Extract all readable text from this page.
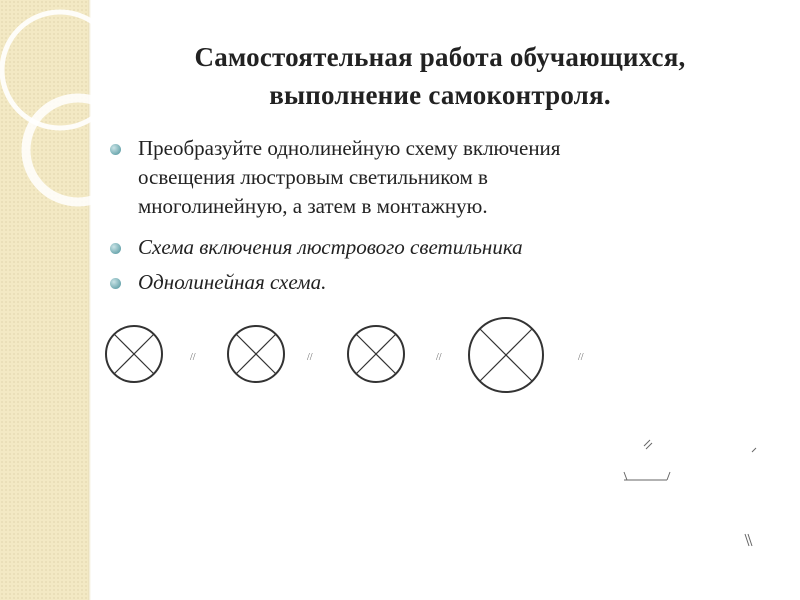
Самостоятельная работа обучающихся,
выполнение самоконтроля.
Преобразуйте однолинейную схему включения
освещения люстровым светильником в
многолинейную, а затем в монтажную.
Схема включения люстрового светильника
Однолинейная схема.
//	//	//	//
